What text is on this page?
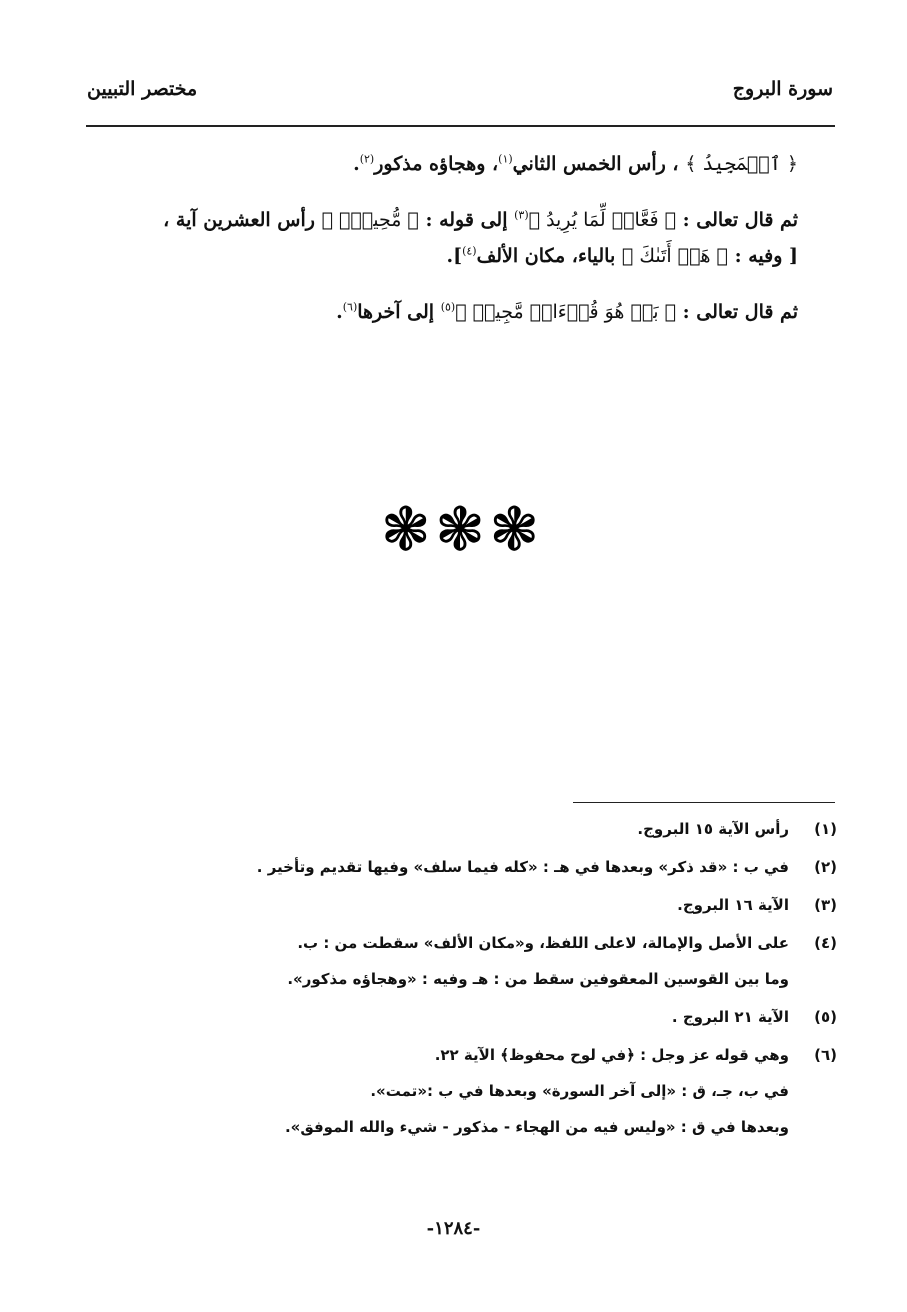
سورة البروج
مختصر التبيين
﴿ ٱلۡمَجِيدُ ﴾ ، رأس الخمس الثاني$^{(١)}$، وهجاؤه مذكور$^{(٢)}$.
ثم قال تعالى : ﴿ فَعَّالٞ لِّمَا يُرِيدُ ﴾$^{(٣)}$ إلى قوله : ﴿ مُّحِيطُۢ ﴾ رأس العشرين آية ،
[ وفيه : ﴿ هَلۡ أَتَىٰكَ ﴾ بالياء، مكان الألف$^{(٤)}$].
ثم قال تعالى : ﴿ بَلۡ هُوَ قُرۡءَانٞ مَّجِيدٞ ﴾$^{(٥)}$ إلى آخرها$^{(٦)}$.
❃❃❃
(١)
رأس الآية ١٥ البروج.
(٢)
في ب : «قد ذكر» وبعدها في هـ : «كله فيما سلف» وفيها تقديم وتأخير .
(٣)
الآية ١٦ البروج.
(٤)
على الأصل والإمالة، لاعلى اللفظ، و«مكان الألف» سقطت من : ب.
وما بين القوسين المعقوفين سقط من : هـ وفيه : «وهجاؤه مذكور».
(٥)
الآية ٢١ البروج .
(٦)
وهي قوله عز وجل : ﴿في لوح محفوظ﴾ الآية ٢٢.
في ب، جـ، ق : «إلى آخر السورة» وبعدها في ب :«تمت».
وبعدها في ق : «وليس فيه من الهجاء - مذكور - شيء والله الموفق».
-١٢٨٤-
